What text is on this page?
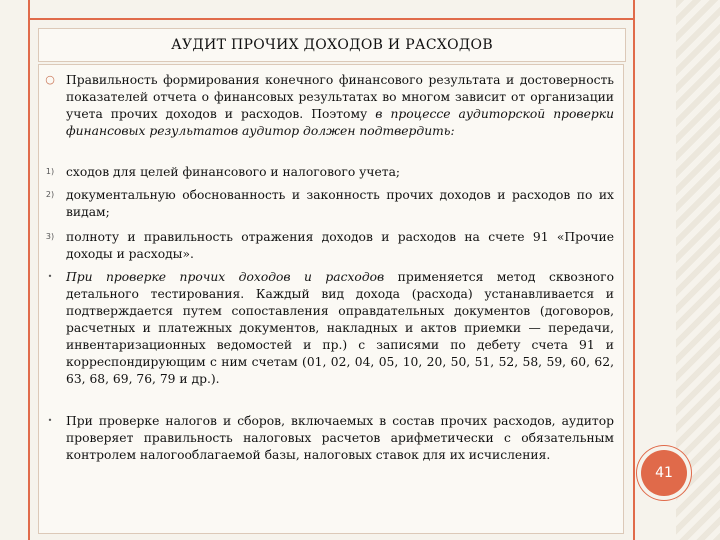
АУДИТ ПРОЧИХ ДОХОДОВ И РАСХОДОВ
○ Правильность формирования конечного финансового результата и достоверность показателей отчета о финансовых результатах во многом зависит от организации учета прочих доходов и расходов. Поэтому в процессе аудиторской проверки финансовых результатов аудитор должен подтвердить:
1) сходов для целей финансового и налогового учета;
2) документальную обоснованность и законность прочих доходов и расходов по их видам;
3) полноту и правильность отражения доходов и расходов на счете 91 «Прочие доходы и расходы».
•	При проверке прочих доходов и расходов применяется метод сквозного детального тестирования. Каждый вид дохода (расхода) устанавливается и подтверждается путем сопоставления оправдательных документов (договоров, расчетных и платежных документов, накладных и актов приемки — передачи, инвентаризационных ведомостей и пр.) с записями по дебету счета 91 и корреспондирующим с ним счетам (01, 02, 04, 05, 10, 20, 50, 51, 52, 58, 59, 60, 62, 63, 68, 69, 76, 79 и др.).
•	При проверке налогов и сборов, включаемых в состав прочих расходов, аудитор проверяет правильность налоговых расчетов арифметически с обязательным контролем налогооблагаемой базы, налоговых ставок для их исчисления.
41
